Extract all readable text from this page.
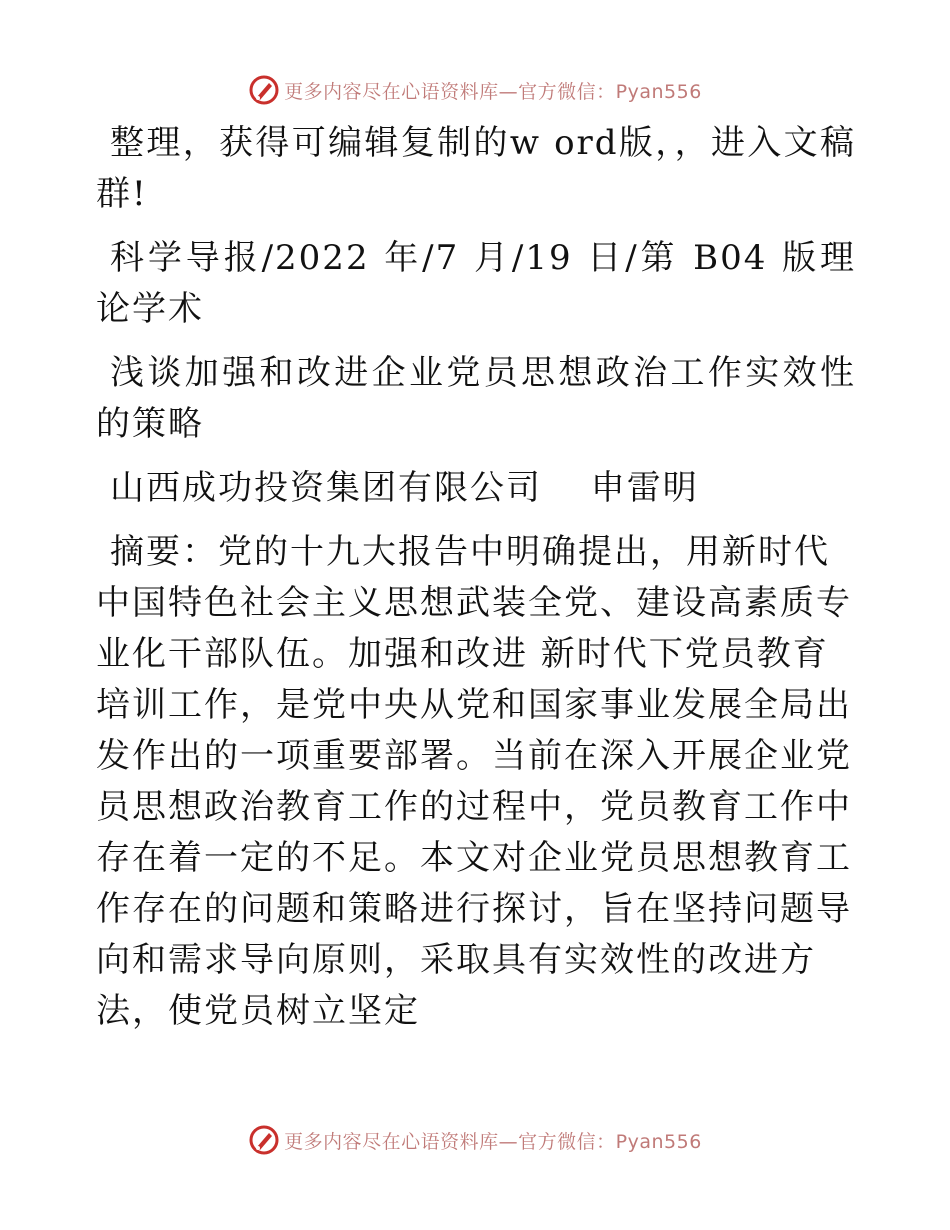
更多内容尽在心语资料库—官方微信：Pyan556

整理，获得可编辑复制的w ord版，，进入文稿群!

科学导报/2022 年/7 月/19 日/第 B04 版理论学术

浅谈加强和改进企业党员思想政治工作实效性的策略

山西成功投资集团有限公司　 申雷明

摘要：党的十九大报告中明确提出，用新时代中国特色社会主义思想武装全党、建设高素质专业化干部队伍。加强和改进 新时代下党员教育培训工作，是党中央从党和国家事业发展全局出发作出的一项重要部署。当前在深入开展企业党员思想政治教育工作的过程中，党员教育工作中存在着一定的不足。本文对企业党员思想教育工作存在的问题和策略进行探讨，旨在坚持问题导向和需求导向原则，采取具有实效性的改进方法，使党员树立坚定

更多内容尽在心语资料库—官方微信：Pyan556
